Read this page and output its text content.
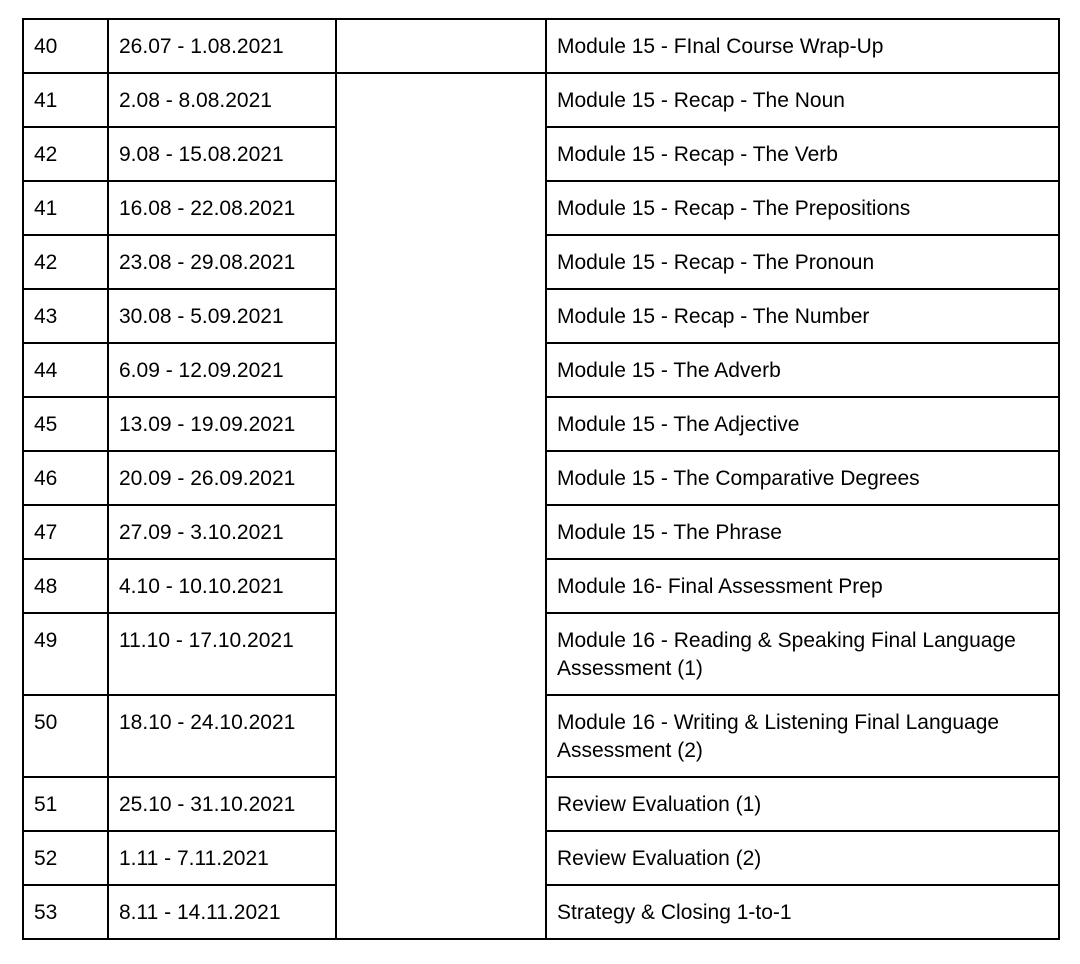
40	26.07 - 1.08.2021		Module 15 - FInal Course Wrap-Up
41	2.08 - 8.08.2021		Module 15 - Recap - The Noun
42	9.08 - 15.08.2021		Module 15 - Recap - The Verb
41	16.08 - 22.08.2021		Module 15 - Recap - The Prepositions
42	23.08 - 29.08.2021		Module 15 - Recap - The Pronoun
43	30.08 - 5.09.2021		Module 15 - Recap - The Number
44	6.09 - 12.09.2021		Module 15 - The Adverb
45	13.09 - 19.09.2021		Module 15 - The Adjective
46	20.09 - 26.09.2021		Module 15 - The Comparative Degrees
47	27.09 - 3.10.2021		Module 15 - The Phrase
48	4.10 - 10.10.2021		Module 16- Final Assessment Prep
49	11.10 - 17.10.2021		Module 16 - Reading & Speaking Final Language Assessment (1)
50	18.10 - 24.10.2021		Module 16 - Writing & Listening Final Language Assessment (2)
51	25.10 - 31.10.2021		Review Evaluation (1)
52	1.11 - 7.11.2021		Review Evaluation (2)
53	8.11 - 14.11.2021		Strategy & Closing 1-to-1
